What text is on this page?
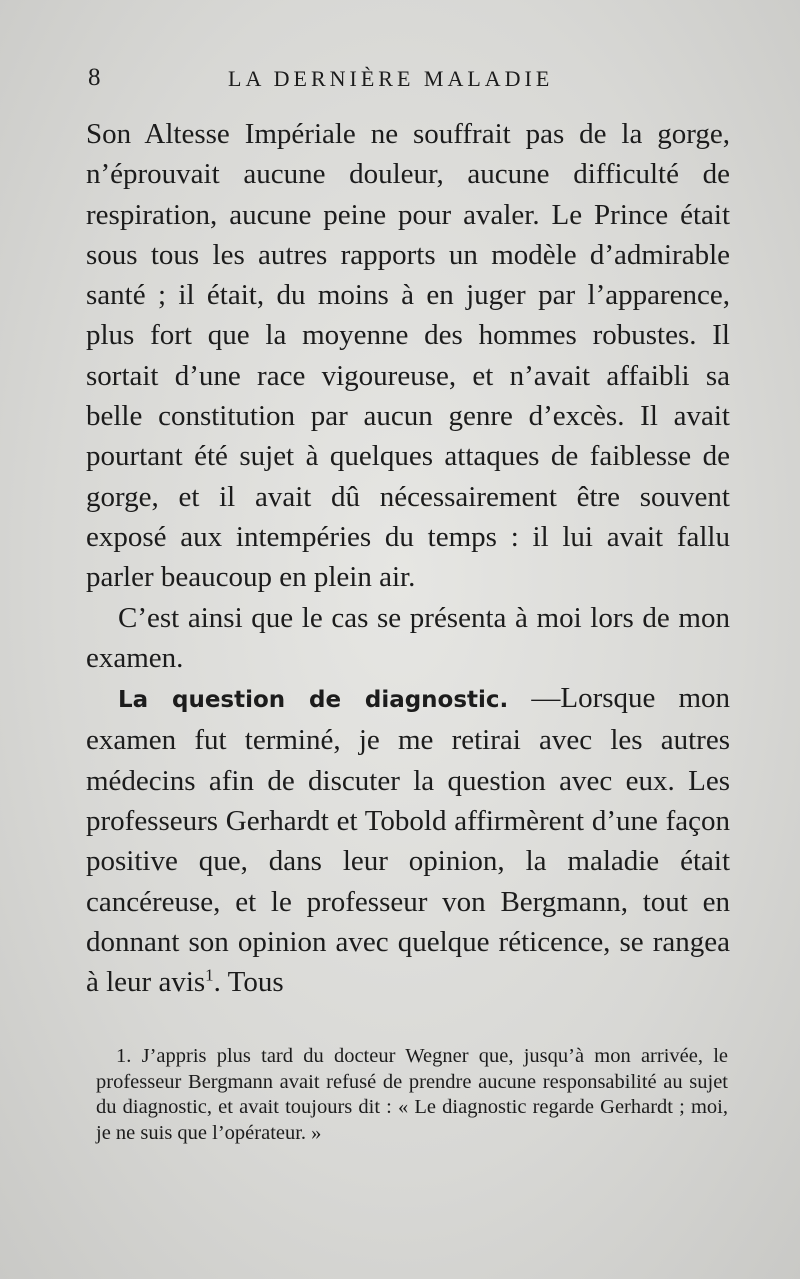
8	LA DERNIÈRE MALADIE

Son Altesse Impériale ne souffrait pas de la gorge, n’éprouvait aucune douleur, aucune difficulté de respiration, aucune peine pour avaler. Le Prince était sous tous les autres rapports un modèle d’admirable santé ; il était, du moins à en juger par l’apparence, plus fort que la moyenne des hommes robustes. Il sortait d’une race vigoureuse, et n’avait affaibli sa belle constitution par aucun genre d’excès. Il avait pourtant été sujet à quelques attaques de faiblesse de gorge, et il avait dû nécessairement être souvent exposé aux intempéries du temps : il lui avait fallu parler beaucoup en plein air.

C’est ainsi que le cas se présenta à moi lors de mon examen.

La question de diagnostic. —Lorsque mon examen fut terminé, je me retirai avec les autres médecins afin de discuter la question avec eux. Les professeurs Gerhardt et Tobold affirmèrent d’une façon positive que, dans leur opinion, la maladie était cancéreuse, et le professeur von Bergmann, tout en donnant son opinion avec quelque réticence, se rangea à leur avis$^1$. Tous

1. J’appris plus tard du docteur Wegner que, jusqu’à mon arrivée, le professeur Bergmann avait refusé de prendre aucune responsabilité au sujet du diagnostic, et avait toujours dit : « Le diagnostic regarde Gerhardt ; moi, je ne suis que l’opérateur. »
